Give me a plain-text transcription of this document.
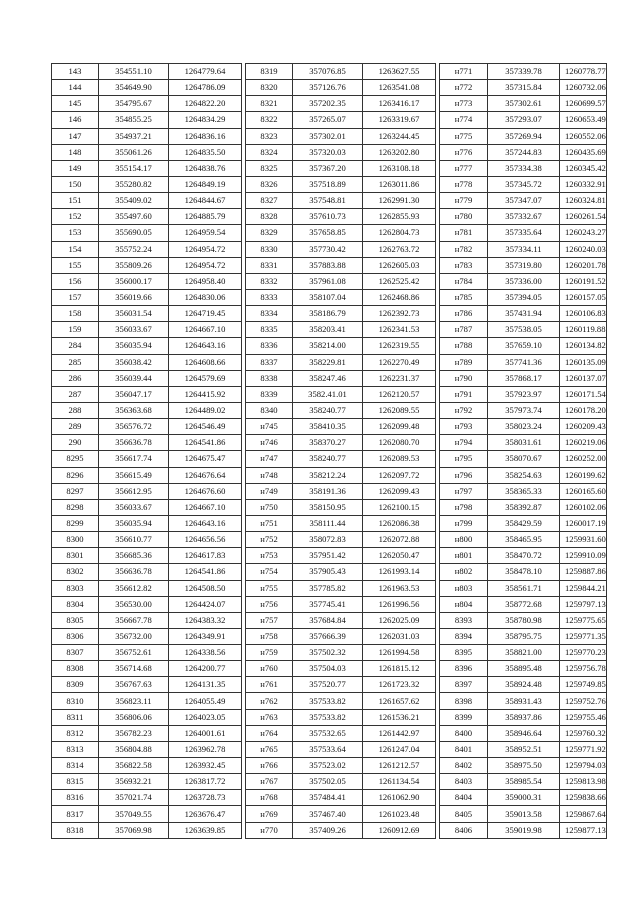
143	354551.10	1264779.64
144	354649.90	1264786.09
145	354795.67	1264822.20
146	354855.25	1264834.29
147	354937.21	1264836.16
148	355061.26	1264835.50
149	355154.17	1264838.76
150	355280.82	1264849.19
151	355409.02	1264844.67
152	355497.60	1264885.79
153	355690.05	1264959.54
154	355752.24	1264954.72
155	355809.26	1264954.72
156	356000.17	1264958.40
157	356019.66	1264830.06
158	356031.54	1264719.45
159	356033.67	1264667.10
284	356035.94	1264643.16
285	356038.42	1264608.66
286	356039.44	1264579.69
287	356047.17	1264415.92
288	356363.68	1264489.02
289	356576.72	1264546.49
290	356636.78	1264541.86
8295	356617.74	1264675.47
8296	356615.49	1264676.64
8297	356612.95	1264676.60
8298	356033.67	1264667.10
8299	356035.94	1264643.16
8300	356610.77	1264656.56
8301	356685.36	1264617.83
8302	356636.78	1264541.86
8303	356612.82	1264508.50
8304	356530.00	1264424.07
8305	356667.78	1264383.32
8306	356732.00	1264349.91
8307	356752.61	1264338.56
8308	356714.68	1264200.77
8309	356767.63	1264131.35
8310	356823.11	1264055.49
8311	356806.06	1264023.05
8312	356782.23	1264001.61
8313	356804.88	1263962.78
8314	356822.58	1263932.45
8315	356932.21	1263817.72
8316	357021.74	1263728.73
8317	357049.55	1263676.47
8318	357069.98	1263639.85
8319	357076.85	1263627.55
8320	357126.76	1263541.08
8321	357202.35	1263416.17
8322	357265.07	1263319.67
8323	357302.01	1263244.45
8324	357320.03	1263202.80
8325	357367.20	1263108.18
8326	357518.89	1263011.86
8327	357548.81	1262991.30
8328	357610.73	1262855.93
8329	357658.85	1262804.73
8330	357730.42	1262763.72
8331	357883.88	1262605.03
8332	357961.08	1262525.42
8333	358107.04	1262468.86
8334	358186.79	1262392.73
8335	358203.41	1262341.53
8336	358214.00	1262319.55
8337	358229.81	1262270.49
8338	358247.46	1262231.37
8339	3582.41.01	1262120.57
8340	358240.77	1262089.55
н745	358410.35	1262099.48
н746	358370.27	1262080.70
н747	358240.77	1262089.53
н748	358212.24	1262097.72
н749	358191.36	1262099.43
н750	358150.95	1262100.15
н751	358111.44	1262086.38
н752	358072.83	1262072.88
н753	357951.42	1262050.47
н754	357905.43	1261993.14
н755	357785.82	1261963.53
н756	357745.41	1261996.56
н757	357684.84	1262025.09
н758	357666.39	1262031.03
н759	357502.32	1261994.58
н760	357504.03	1261815.12
н761	357520.77	1261723.32
н762	357533.82	1261657.62
н763	357533.82	1261536.21
н764	357532.65	1261442.97
н765	357533.64	1261247.04
н766	357523.02	1261212.57
н767	357502.05	1261134.54
н768	357484.41	1261062.90
н769	357467.40	1261023.48
н770	357409.26	1260912.69
н771	357339.78	1260778.77
н772	357315.84	1260732.06
н773	357302.61	1260699.57
н774	357293.07	1260653.49
н775	357269.94	1260552.06
н776	357244.83	1260435.69
н777	357334.38	1260345.42
н778	357345.72	1260332.91
н779	357347.07	1260324.81
н780	357332.67	1260261.54
н781	357335.64	1260243.27
н782	357334.11	1260240.03
н783	357319.80	1260201.78
н784	357336.00	1260191.52
н785	357394.05	1260157.05
н786	357431.94	1260106.83
н787	357538.05	1260119.88
н788	357659.10	1260134.82
н789	357741.36	1260135.09
н790	357868.17	1260137.07
н791	357923.97	1260171.54
н792	357973.74	1260178.20
н793	358023.24	1260209.43
н794	358031.61	1260219.06
н795	358070.67	1260252.00
н796	358254.63	1260199.62
н797	358365.33	1260165.60
н798	358392.87	1260102.06
н799	358429.59	1260017.19
н800	358465.95	1259931.60
н801	358470.72	1259910.09
н802	358478.10	1259887.86
н803	358561.71	1259844.21
н804	358772.68	1259797.13
8393	358780.98	1259775.65
8394	358795.75	1259771.35
8395	358821.00	1259770.23
8396	358895.48	1259756.78
8397	358924.48	1259749.85
8398	358931.43	1259752.76
8399	358937.86	1259755.46
8400	358946.64	1259760.32
8401	358952.51	1259771.92
8402	358975.50	1259794.03
8403	358985.54	1259813.98
8404	359000.31	1259838.66
8405	359013.58	1259867.64
8406	359019.98	1259877.13
